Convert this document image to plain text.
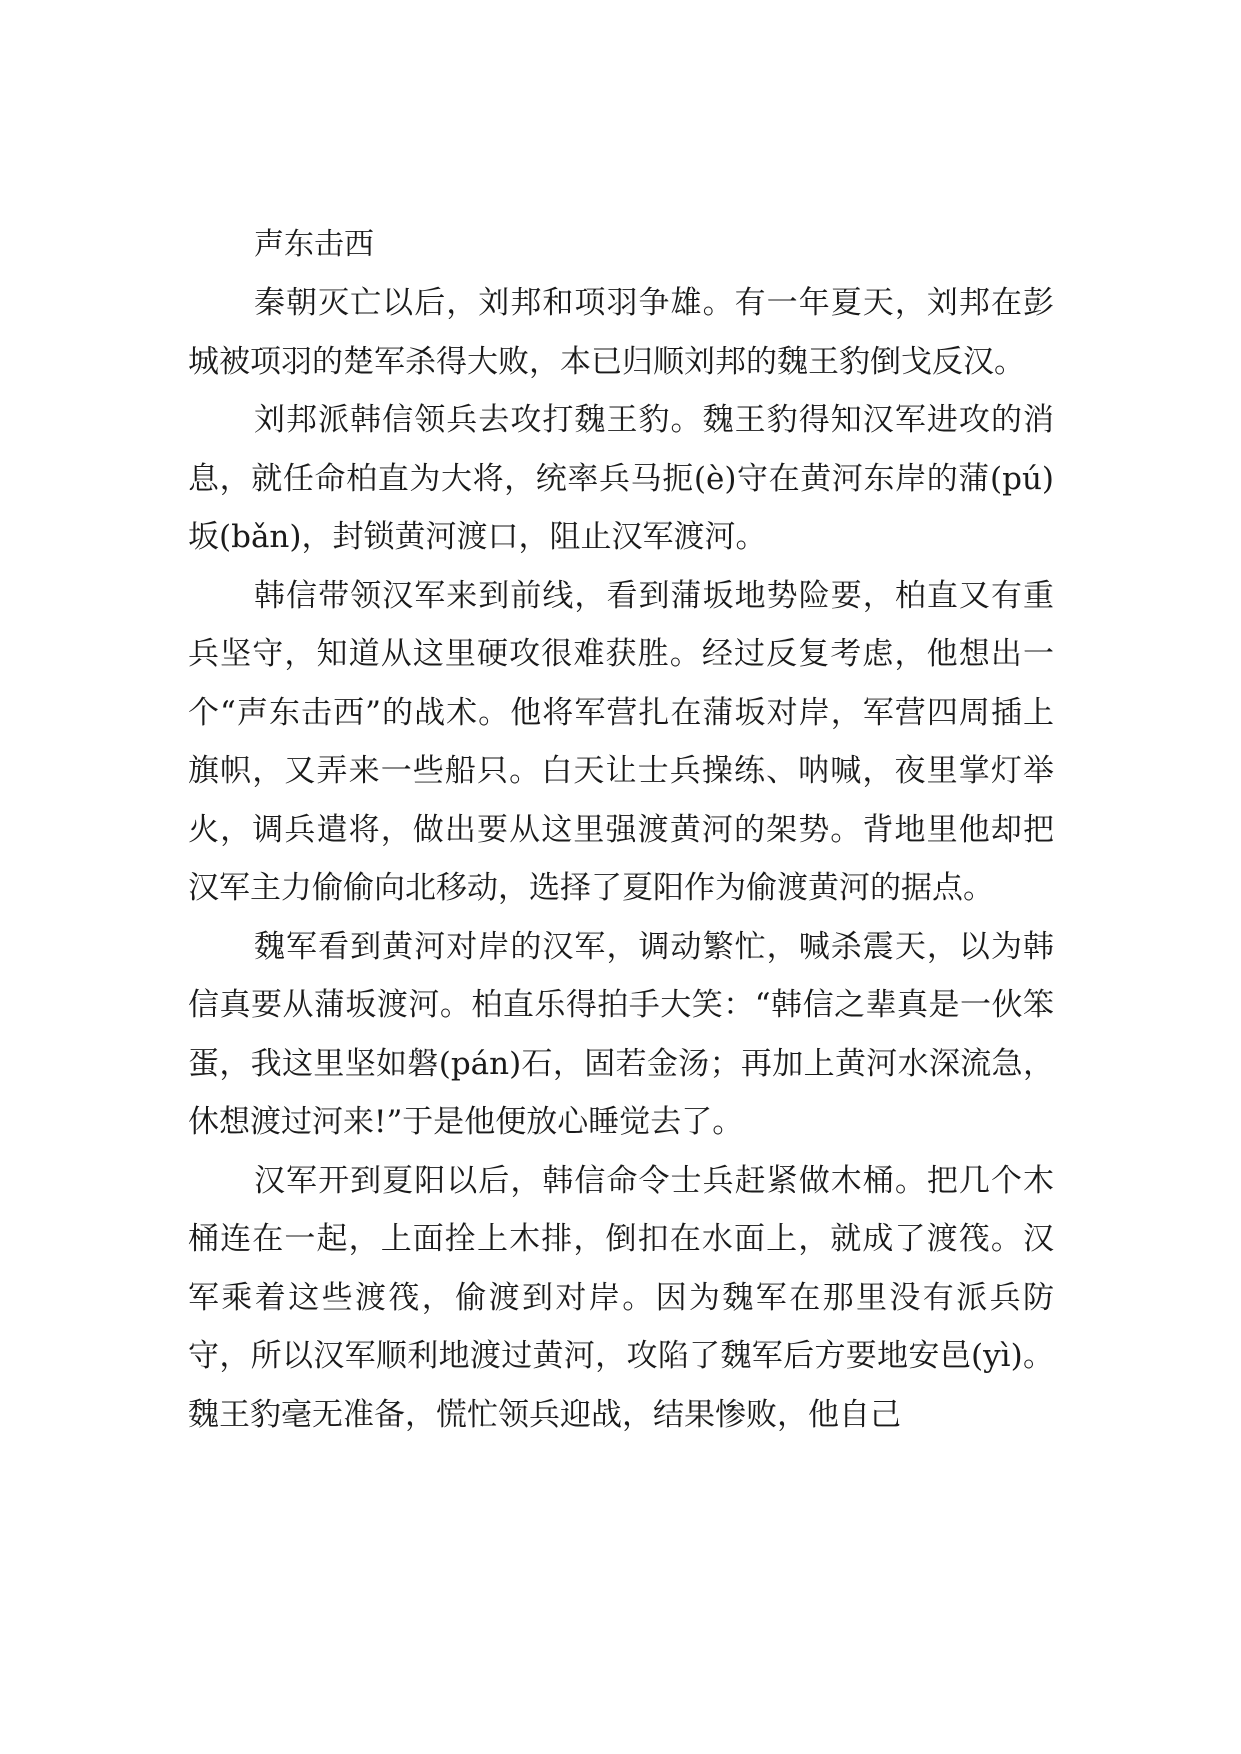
声东击西

秦朝灭亡以后，刘邦和项羽争雄。有一年夏天，刘邦在彭城被项羽的楚军杀得大败，本已归顺刘邦的魏王豹倒戈反汉。

刘邦派韩信领兵去攻打魏王豹。魏王豹得知汉军进攻的消息，就任命柏直为大将，统率兵马扼(è)守在黄河东岸的蒲(pú)坂(bǎn)，封锁黄河渡口，阻止汉军渡河。

韩信带领汉军来到前线，看到蒲坂地势险要，柏直又有重兵坚守，知道从这里硬攻很难获胜。经过反复考虑，他想出一个“声东击西”的战术。他将军营扎在蒲坂对岸，军营四周插上旗帜，又弄来一些船只。白天让士兵操练、呐喊，夜里掌灯举火，调兵遣将，做出要从这里强渡黄河的架势。背地里他却把汉军主力偷偷向北移动，选择了夏阳作为偷渡黄河的据点。

魏军看到黄河对岸的汉军，调动繁忙，喊杀震天，以为韩信真要从蒲坂渡河。柏直乐得拍手大笑：“韩信之辈真是一伙笨蛋，我这里坚如磐(pán)石，固若金汤；再加上黄河水深流急，休想渡过河来!”于是他便放心睡觉去了。

汉军开到夏阳以后，韩信命令士兵赶紧做木桶。把几个木桶连在一起，上面拴上木排，倒扣在水面上，就成了渡筏。汉军乘着这些渡筏，偷渡到对岸。因为魏军在那里没有派兵防守，所以汉军顺利地渡过黄河，攻陷了魏军后方要地安邑(yì)。魏王豹毫无准备，慌忙领兵迎战，结果惨败，他自己
